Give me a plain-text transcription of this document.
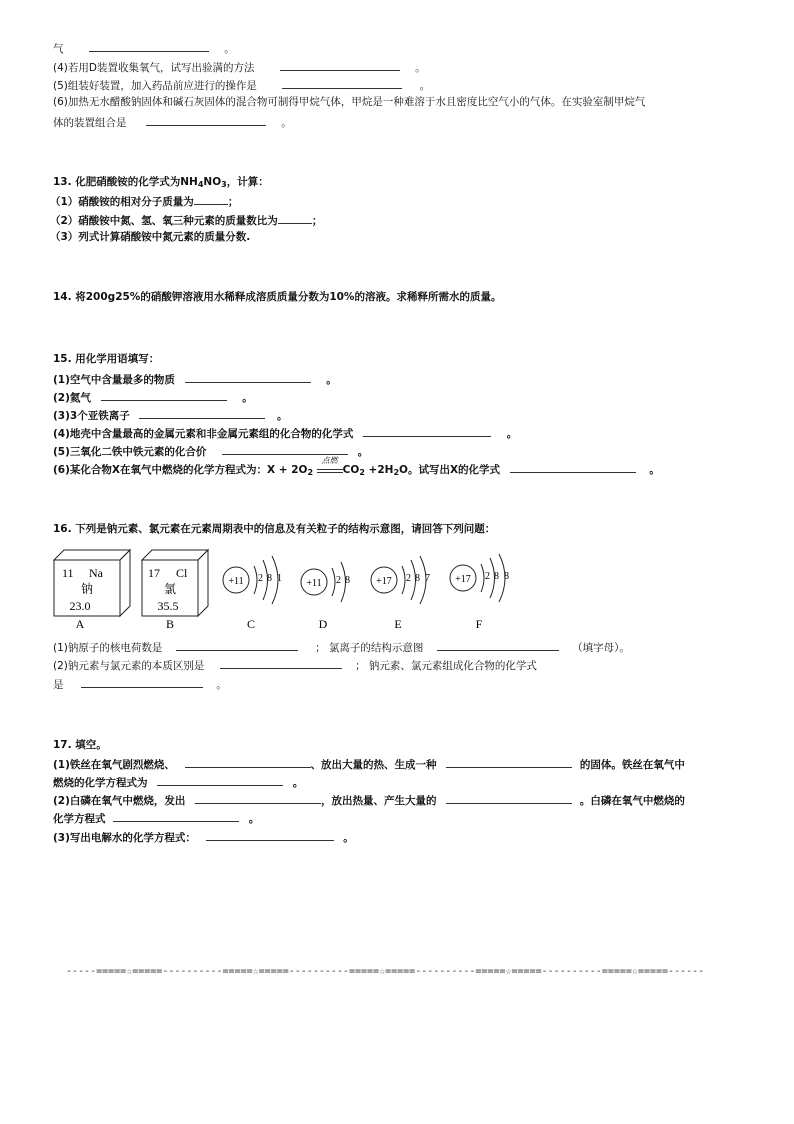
气	。
(4)若用D装置收集氧气，试写出验满的方法	。
(5)组装好装置，加入药品前应进行的操作是	。
(6)加热无水醋酸钠固体和碱石灰固体的混合物可制得甲烷气体，甲烷是一种难溶于水且密度比空气小的气体。在实验室制甲烷气
体的装置组合是	。
13. 化肥硝酸铵的化学式为$NH_4NO_3$，计算：
（1）硝酸铵的相对分子质量为	；
（2）硝酸铵中氮、氢、氧三种元素的质量数比为	；
（3）列式计算硝酸铵中氮元素的质量分数.
14. 将200g25%的硝酸钾溶液用水稀释成溶质质量分数为10%的溶液。求稀释所需水的质量。
15. 用化学用语填写：
(1)空气中含量最多的物质	。
(2)氦气	。
(3)3个亚铁离子	。
(4)地壳中含量最高的金属元素和非金属元素组的化合物的化学式	。
(5)三氧化二铁中铁元素的化合价	。
(6)某化合物X在氧气中燃烧的化学方程式为：$X + 2O_2$
点燃
$CO_2 +2H_2O$。试写出X的化学式	。
16. 下列是钠元素、氯元素在元素周期表中的信息及有关粒子的结构示意图，请回答下列问题：
11 Na
钠
23.0
17 Cl
氯
35.5
+11 2 8 1 +11 2 8	+17 2 8 7	+17 2 8 8
A	B	C	D	E	F
(1)钠原子的核电荷数是	； 氯离子的结构示意图	（填字母）。
(2)钠元素与氯元素的本质区别是	； 钠元素、氯元素组成化合物的化学式
是	。
17. 填空。
(1)铁丝在氧气剧烈燃烧、	、放出大量的热、生成一种	的固体。铁丝在氧气中
燃烧的化学方程式为	。
(2)白磷在氧气中燃烧，发出	，放出热量、产生大量的	。白磷在氧气中燃烧的
化学方程式	。
(3)写出电解水的化学方程式：	。
-----=====☆=====----------=====☆=====----------=====☆=====----------=====☆=====----------=====☆=====------
